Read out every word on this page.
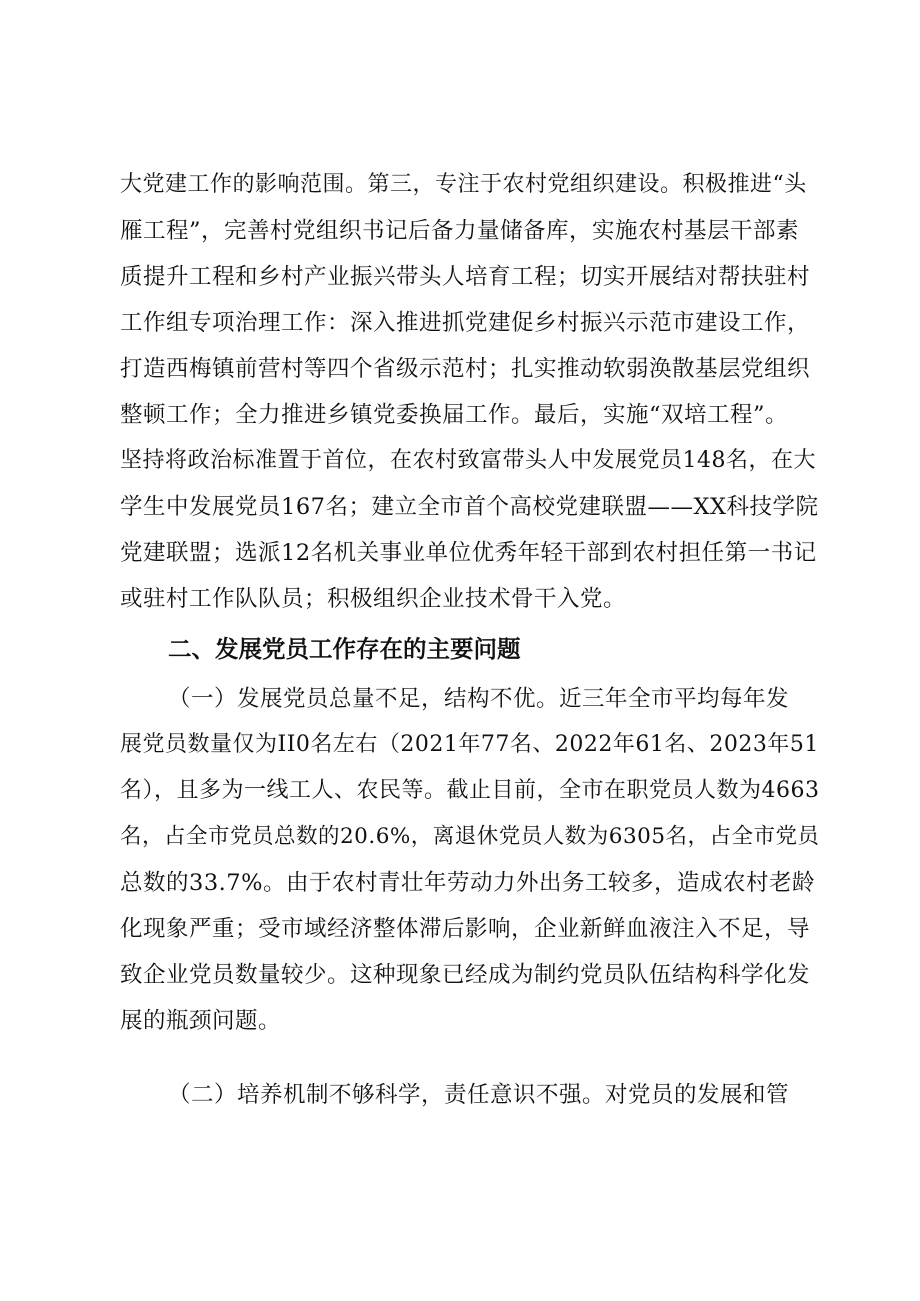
大党建工作的影响范围。第三，专注于农村党组织建设。积极推进“头
雁工程”，完善村党组织书记后备力量储备库，实施农村基层干部素
质提升工程和乡村产业振兴带头人培育工程；切实开展结对帮扶驻村
工作组专项治理工作：深入推进抓党建促乡村振兴示范市建设工作，
打造西梅镇前营村等四个省级示范村；扎实推动软弱涣散基层党组织
整顿工作；全力推进乡镇党委换届工作。最后，实施“双培工程”。
坚持将政治标准置于首位，在农村致富带头人中发展党员148名，在大
学生中发展党员167名；建立全市首个高校党建联盟——XX科技学院
党建联盟；选派12名机关事业单位优秀年轻干部到农村担任第一书记
或驻村工作队队员；积极组织企业技术骨干入党。
二、发展党员工作存在的主要问题
（一）发展党员总量不足，结构不优。近三年全市平均每年发
展党员数量仅为II0名左右（2021年77名、2022年61名、2023年51
名），且多为一线工人、农民等。截止目前，全市在职党员人数为4663
名，占全市党员总数的20.6%，离退休党员人数为6305名，占全市党员
总数的33.7%。由于农村青壮年劳动力外出务工较多，造成农村老龄
化现象严重；受市域经济整体滞后影响，企业新鲜血液注入不足，导
致企业党员数量较少。这种现象已经成为制约党员队伍结构科学化发
展的瓶颈问题。
（二）培养机制不够科学，责任意识不强。对党员的发展和管
